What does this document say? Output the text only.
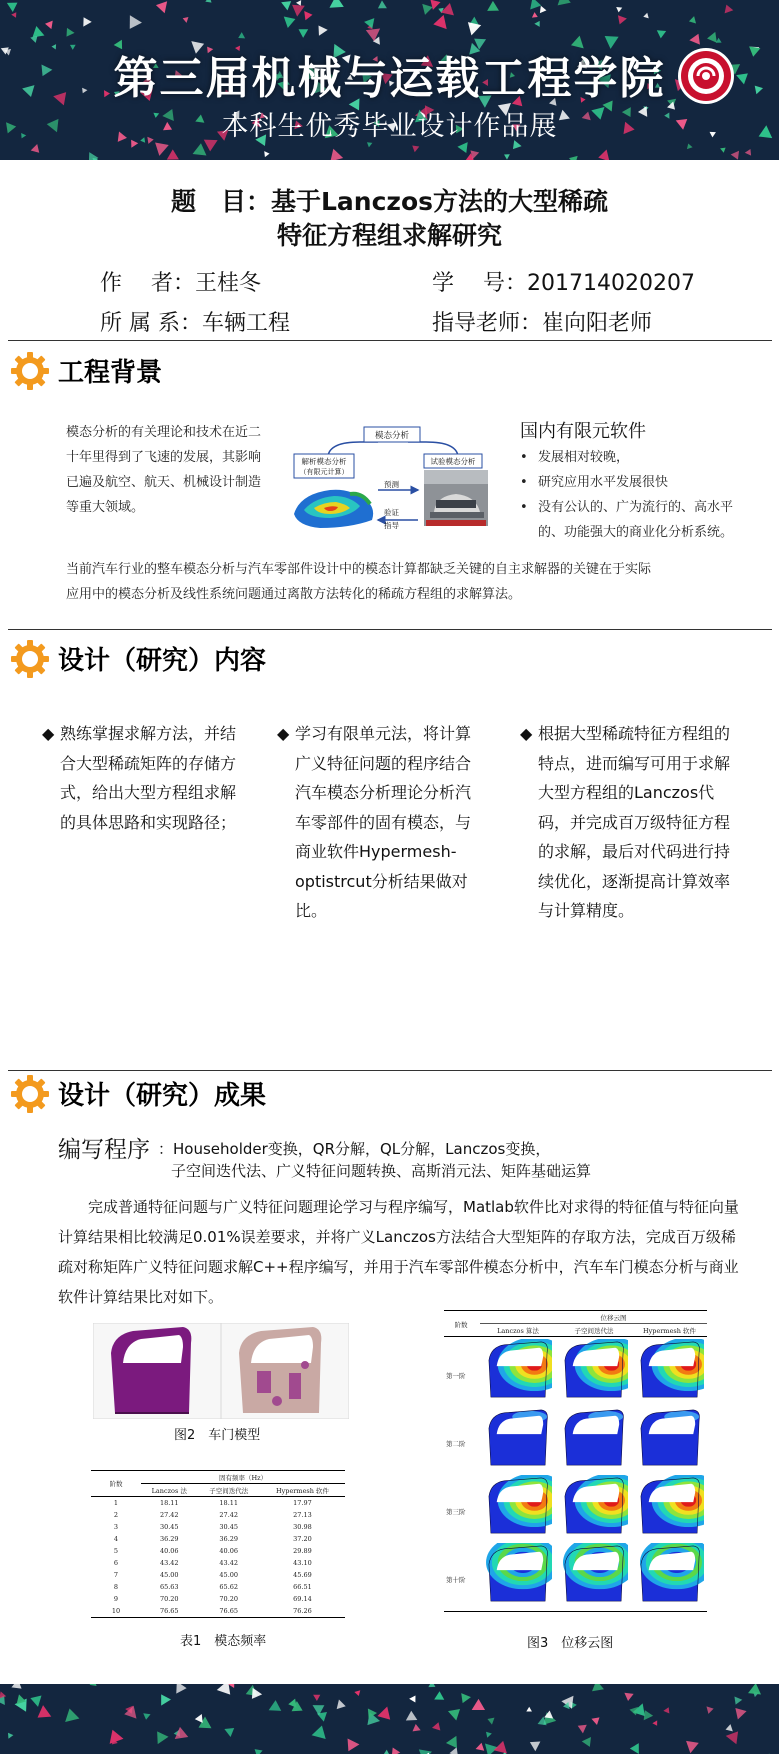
第三届机械与运载工程学院
本科生优秀毕业设计作品展
题　目：基于Lanczos方法的大型稀疏
特征方程组求解研究
作　 者：王桂冬	学　 号：201714020207
所 属 系：车辆工程	指导老师：崔向阳老师
工程背景
模态分析的有关理论和技术在近二十年里得到了飞速的发展，其影响已遍及航空、航天、机械设计制造等重大领域。
模态分析
解析模态分析
（有限元计算）
试验模态分析
预测
验证
指导
国内有限元软件
• 发展相对较晚，
• 研究应用水平发展很快
• 没有公认的、广为流行的、高水平的、功能强大的商业化分析系统。
当前汽车行业的整车模态分析与汽车零部件设计中的模态计算都缺乏关键的自主求解器的关键在于实际应用中的模态分析及线性系统问题通过离散方法转化的稀疏方程组的求解算法。
设计（研究）内容
◆ 熟练掌握求解方法，并结合大型稀疏矩阵的存储方式，给出大型方程组求解的具体思路和实现路径；
◆ 学习有限单元法，将计算广义特征问题的程序结合汽车模态分析理论分析汽车零部件的固有模态，与商业软件Hypermesh-optistrcut分析结果做对比。
◆ 根据大型稀疏特征方程组的特点，进而编写可用于求解大型方程组的Lanczos代码，并完成百万级特征方程的求解，最后对代码进行持续优化，逐渐提高计算效率与计算精度。
设计（研究）成果
编写程序 ：Householder变换，QR分解，QL分解，Lanczos变换，
子空间迭代法、广义特征问题转换、高斯消元法、矩阵基础运算
完成普通特征问题与广义特征问题理论学习与程序编写，Matlab软件比对求得的特征值与特征向量计算结果相比较满足0.01%误差要求，并将广义Lanczos方法结合大型矩阵的存取方法，完成百万级稀疏对称矩阵广义特征问题求解C++程序编写，并用于汽车零部件模态分析中，汽车车门模态分析与商业软件计算结果比对如下。
图2　车门模型
阶数	固有频率（Hz）		
	Lanczos 法	子空间迭代法	Hypermesh 软件
1	18.11	18.11	17.97
2	27.42	27.42	27.13
3	30.45	30.45	30.98
4	36.29	36.29	37.20
5	40.06	40.06	29.89
6	43.42	43.42	43.10
7	45.00	45.00	45.69
8	65.63	65.62	66.51
9	70.20	70.20	69.14
10	76.65	76.65	76.26
表1　模态频率
位移云图
阶数
Lanczos 算法	子空间迭代法	Hypermesh 软件
第一阶
第二阶
第三阶
第十阶
图3　位移云图
